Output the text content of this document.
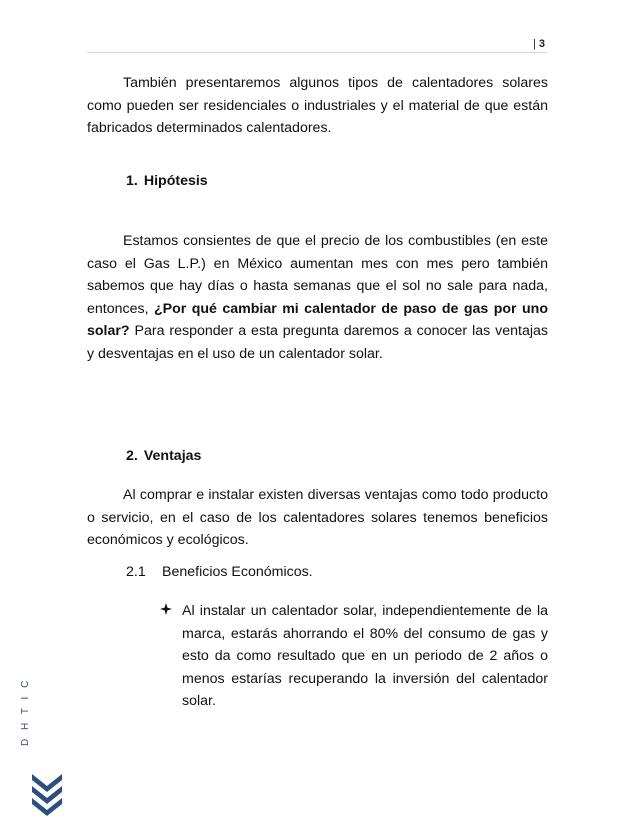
| 3

También presentaremos algunos tipos de calentadores solares como pueden ser residenciales o industriales y el material de que están fabricados determinados calentadores.

1. Hipótesis

Estamos consientes de que el precio de los combustibles (en este caso el Gas L.P.) en México aumentan mes con mes pero también sabemos que hay días o hasta semanas que el sol no sale para nada, entonces, ¿Por qué cambiar mi calentador de paso de gas por uno solar? Para responder a esta pregunta daremos a conocer las ventajas y desventajas en el uso de un calentador solar.

2. Ventajas

Al comprar e instalar existen diversas ventajas como todo producto o servicio, en el caso de los calentadores solares tenemos beneficios económicos y ecológicos.

2.1 Beneficios Económicos.

Al instalar un calentador solar, independientemente de la marca, estarás ahorrando el 80% del consumo de gas y esto da como resultado que en un periodo de 2 años o menos estarías recuperando la inversión del calentador solar.

D H T I C
